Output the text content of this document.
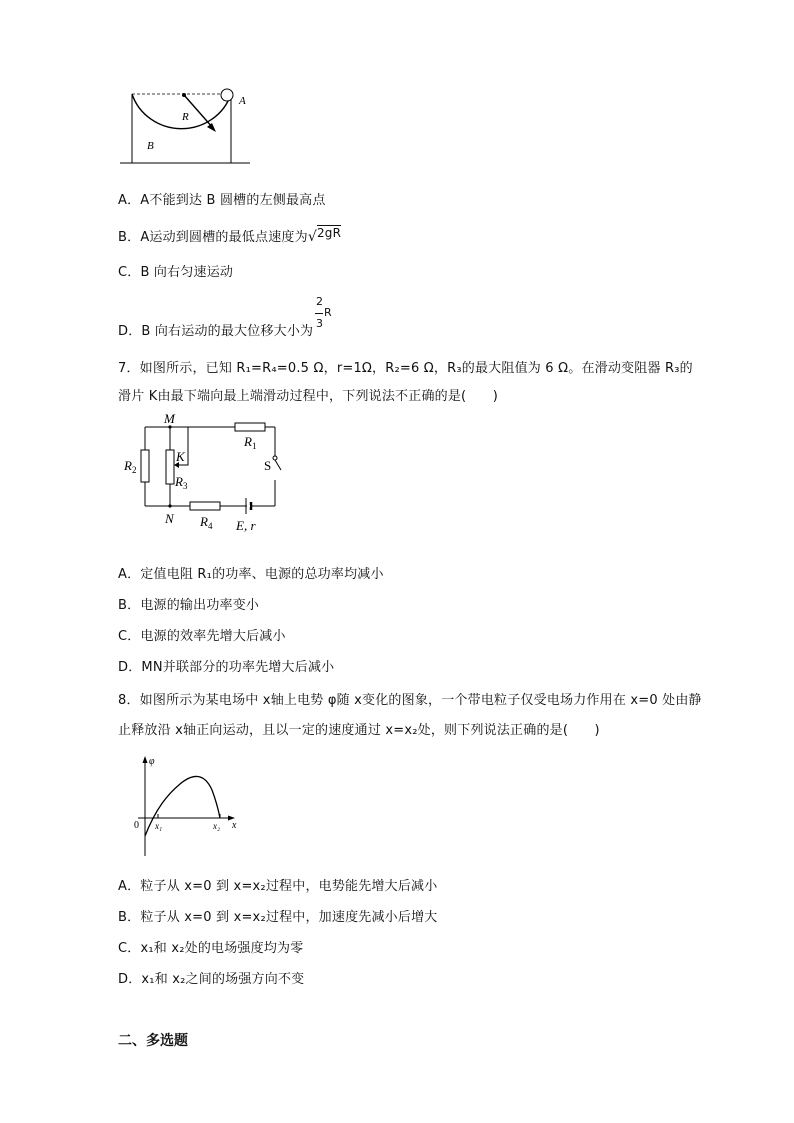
R
A
B
A．A不能到达 B 圆槽的左侧最高点
B．A运动到圆槽的最低点速度为√2gR
C．B 向右匀速运动
D．B 向右运动的最大位移大小为
2
R
3
7．如图所示，已知 R₁=R₄=0.5 Ω，r=1Ω，R₂=6 Ω，R₃的最大阻值为 6 Ω。在滑动变阻器 R₃的
滑片 K由最下端向最上端滑动过程中，下列说法不正确的是(　　)
M
N
K
S
$R_1$
$R_2$
$R_3$
$R_4$ E, r
A．定值电阻 R₁的功率、电源的总功率均减小
B．电源的输出功率变小
C．电源的效率先增大后减小
D．MN并联部分的功率先增大后减小
8．如图所示为某电场中 x轴上电势 φ随 x变化的图象，一个带电粒子仅受电场力作用在 x=0 处由静
止释放沿 x轴正向运动，且以一定的速度通过 x=x₂处，则下列说法正确的是(　　)
φ
x
0 x₁	x₂
A．粒子从 x=0 到 x=x₂过程中，电势能先增大后减小
B．粒子从 x=0 到 x=x₂过程中，加速度先减小后增大
C．x₁和 x₂处的电场强度均为零
D．x₁和 x₂之间的场强方向不变
二、多选题
